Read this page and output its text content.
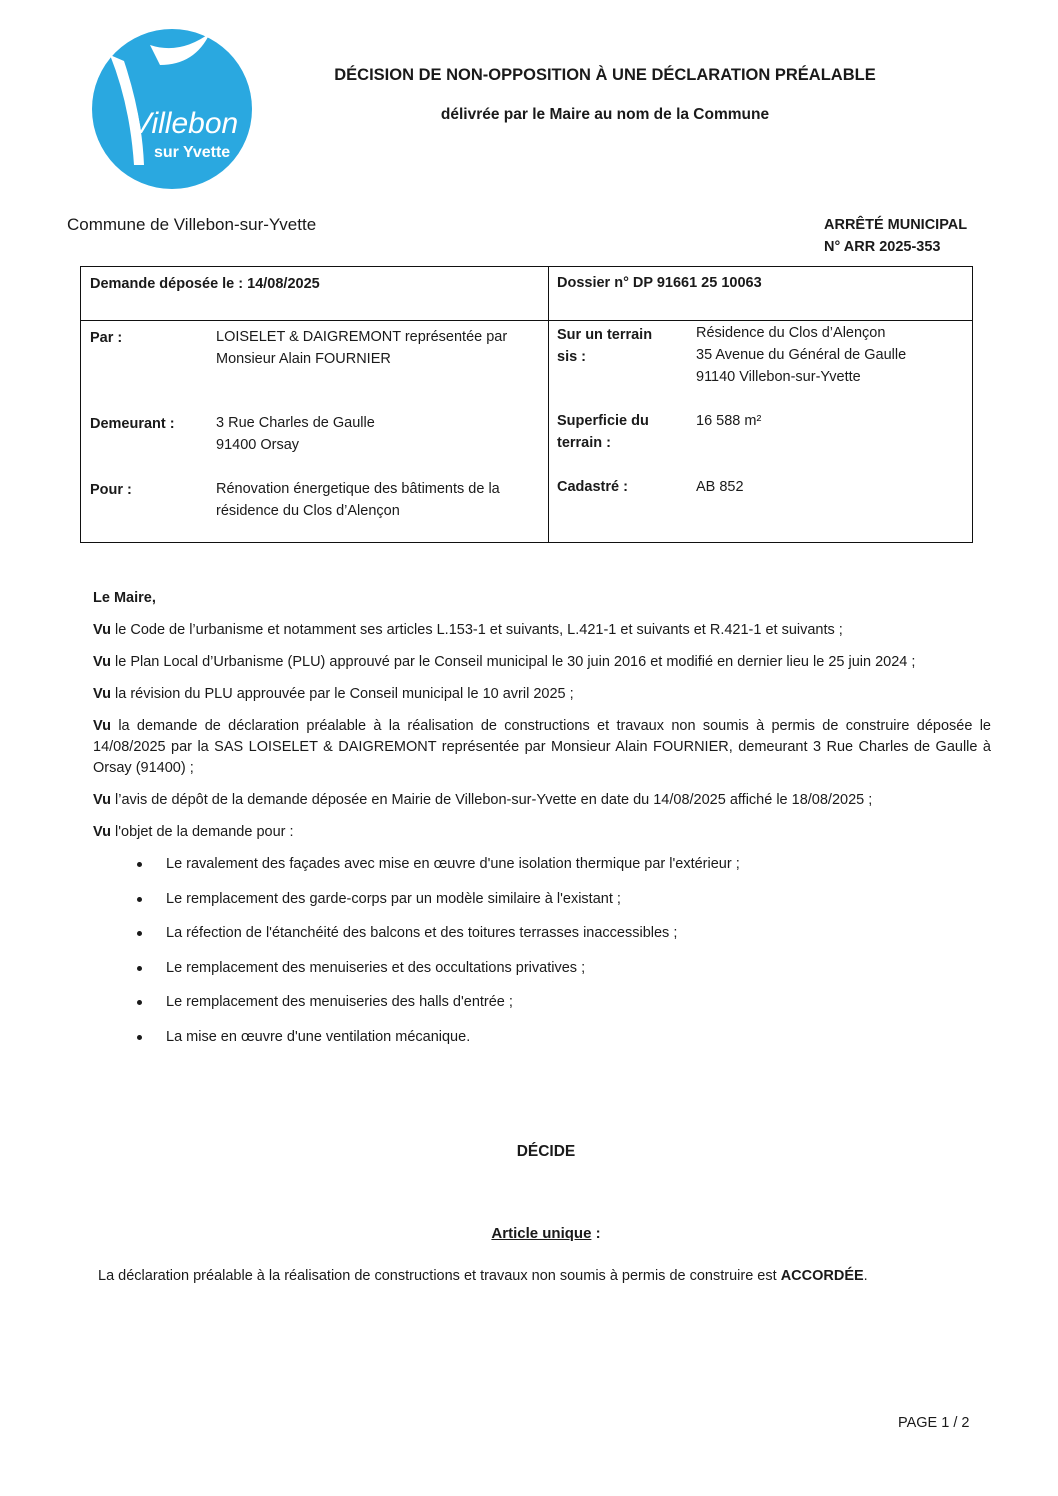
Villebon
sur Yvette
DÉCISION DE NON-OPPOSITION À UNE DÉCLARATION PRÉALABLE
délivrée par le Maire au nom de la Commune
Commune de Villebon-sur-Yvette	ARRÊTÉ MUNICIPAL
N° ARR 2025-353
Demande déposée le : 14/08/2025	Dossier n° DP 91661 25 10063
Par :	LOISELET & DAIGREMONT représentée par
Monsieur Alain FOURNIER
Sur un terrain
sis :
Résidence du Clos d’Alençon
35 Avenue du Général de Gaulle
91140 Villebon-sur-Yvette
Demeurant :	3 Rue Charles de Gaulle
91400 Orsay
Superficie du
terrain :
16 588 m²
Pour :	Rénovation énergetique des bâtiments de la
résidence du Clos d’Alençon
Cadastré :	AB 852

Le Maire,

Vu le Code de l’urbanisme et notamment ses articles L.153-1 et suivants, L.421-1 et suivants et R.421-1 et suivants ;

Vu le Plan Local d’Urbanisme (PLU) approuvé par le Conseil municipal le 30 juin 2016 et modifié en dernier lieu le 25 juin 2024 ;

Vu la révision du PLU approuvée par le Conseil municipal le 10 avril 2025 ;

Vu la demande de déclaration préalable à la réalisation de constructions et travaux non soumis à permis de construire déposée le 14/08/2025 par la SAS LOISELET & DAIGREMONT représentée par Monsieur Alain FOURNIER, demeurant 3 Rue Charles de Gaulle à Orsay (91400) ;

Vu l’avis de dépôt de la demande déposée en Mairie de Villebon-sur-Yvette en date du 14/08/2025 affiché le 18/08/2025 ;

Vu l'objet de la demande pour :

Le ravalement des façades avec mise en œuvre d'une isolation thermique par l'extérieur ;
Le remplacement des garde-corps par un modèle similaire à l'existant ;
La réfection de l'étanchéité des balcons et des toitures terrasses inaccessibles ;
Le remplacement des menuiseries et des occultations privatives ;
Le remplacement des menuiseries des halls d'entrée ;
La mise en œuvre d'une ventilation mécanique.
DÉCIDE
Article unique :
La déclaration préalable à la réalisation de constructions et travaux non soumis à permis de construire est ACCORDÉE.
PAGE 1 / 2
